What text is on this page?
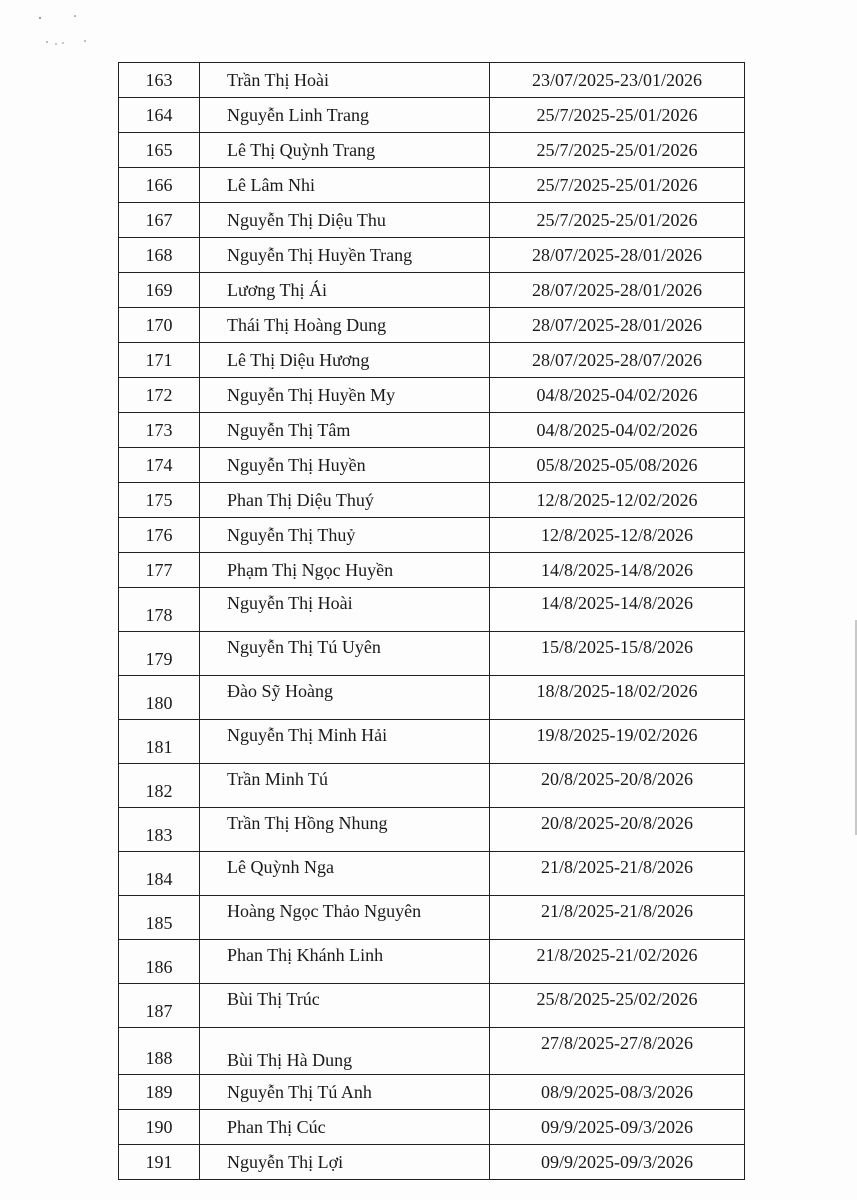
163	Trần Thị Hoài	23/07/2025-23/01/2026
164	Nguyễn Linh Trang	25/7/2025-25/01/2026
165	Lê Thị Quỳnh Trang	25/7/2025-25/01/2026
166	Lê Lâm Nhi	25/7/2025-25/01/2026
167	Nguyễn Thị Diệu Thu	25/7/2025-25/01/2026
168	Nguyễn Thị Huyền Trang	28/07/2025-28/01/2026
169	Lương Thị Ái	28/07/2025-28/01/2026
170	Thái Thị Hoàng Dung	28/07/2025-28/01/2026
171	Lê Thị Diệu Hương	28/07/2025-28/07/2026
172	Nguyễn Thị Huyền My	04/8/2025-04/02/2026
173	Nguyễn Thị Tâm	04/8/2025-04/02/2026
174	Nguyễn Thị Huyền	05/8/2025-05/08/2026
175	Phan Thị Diệu Thuý	12/8/2025-12/02/2026
176	Nguyễn Thị Thuỷ	12/8/2025-12/8/2026
177	Phạm Thị Ngọc Huyền	14/8/2025-14/8/2026
178	Nguyễn Thị Hoài	14/8/2025-14/8/2026
179	Nguyễn Thị Tú Uyên	15/8/2025-15/8/2026
180	Đào Sỹ Hoàng	18/8/2025-18/02/2026
181	Nguyễn Thị Minh Hải	19/8/2025-19/02/2026
182	Trần Minh Tú	20/8/2025-20/8/2026
183	Trần Thị Hồng Nhung	20/8/2025-20/8/2026
184	Lê Quỳnh Nga	21/8/2025-21/8/2026
185	Hoàng Ngọc Thảo Nguyên	21/8/2025-21/8/2026
186	Phan Thị Khánh Linh	21/8/2025-21/02/2026
187	Bùi Thị Trúc	25/8/2025-25/02/2026
188	Bùi Thị Hà Dung	27/8/2025-27/8/2026
189	Nguyễn Thị Tú Anh	08/9/2025-08/3/2026
190	Phan Thị Cúc	09/9/2025-09/3/2026
191	Nguyễn Thị Lợi	09/9/2025-09/3/2026
